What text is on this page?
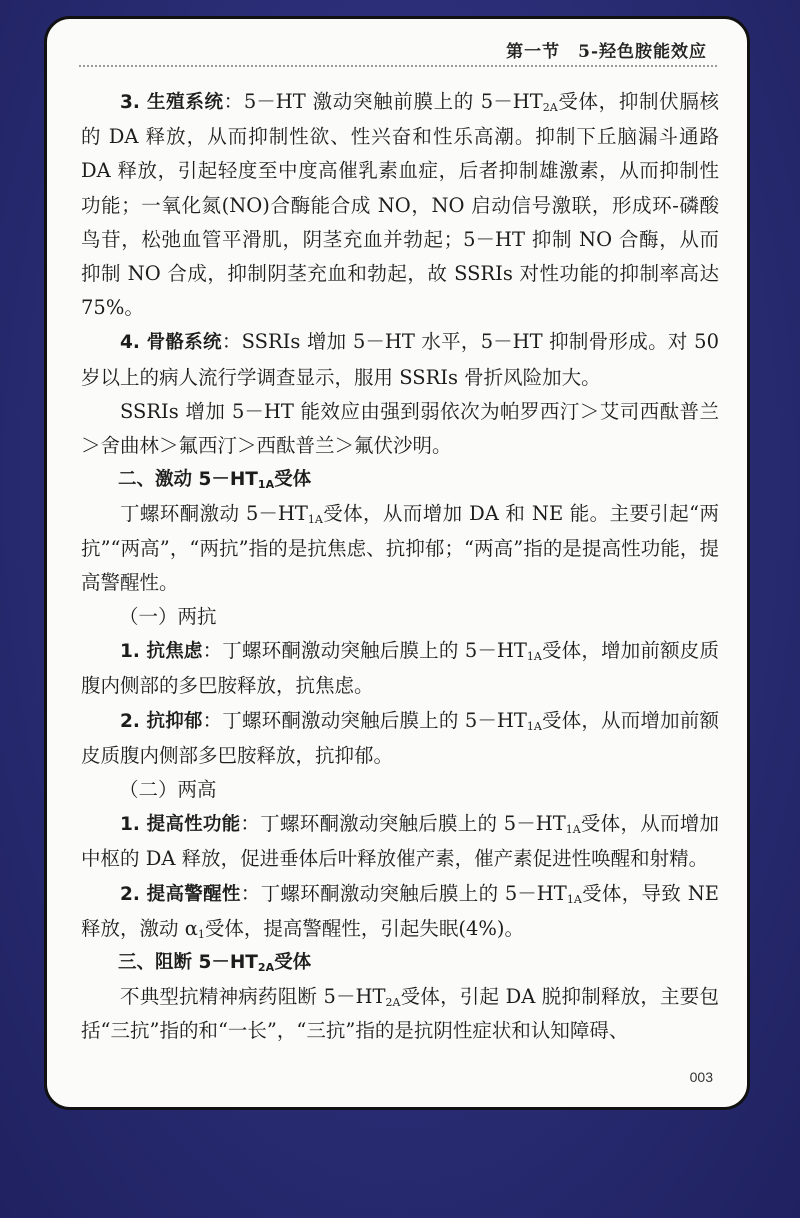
第一节　5-羟色胺能效应

3. 生殖系统：5－HT 激动突触前膜上的 $5-HT_{2A}$受体，抑制伏膈核的 DA 释放，从而抑制性欲、性兴奋和性乐高潮。抑制下丘脑漏斗通路 DA 释放，引起轻度至中度高催乳素血症，后者抑制雄激素，从而抑制性功能；一氧化氮(NO)合酶能合成 NO，NO 启动信号激联，形成环-磷酸鸟苷，松弛血管平滑肌，阴茎充血并勃起；5－HT 抑制 NO 合酶，从而抑制 NO 合成，抑制阴茎充血和勃起，故 SSRIs 对性功能的抑制率高达 75%。

4. 骨骼系统：SSRIs 增加 5－HT 水平，5－HT 抑制骨形成。对 50 岁以上的病人流行学调查显示，服用 SSRIs 骨折风险加大。

SSRIs 增加 5－HT 能效应由强到弱依次为帕罗西汀＞艾司西酞普兰＞舍曲林＞氟西汀＞西酞普兰＞氟伏沙明。

二、激动 $5-HT_{1A}$受体

丁螺环酮激动 $5-HT_{1A}$受体，从而增加 DA 和 NE 能。主要引起“两抗”“两高”，“两抗”指的是抗焦虑、抗抑郁；“两高”指的是提高性功能，提高警醒性。

（一）两抗

1. 抗焦虑：丁螺环酮激动突触后膜上的 $5-HT_{1A}$受体，增加前额皮质腹内侧部的多巴胺释放，抗焦虑。

2. 抗抑郁：丁螺环酮激动突触后膜上的 $5-HT_{1A}$受体，从而增加前额皮质腹内侧部多巴胺释放，抗抑郁。

（二）两高

1. 提高性功能：丁螺环酮激动突触后膜上的 $5-HT_{1A}$受体，从而增加中枢的 DA 释放，促进垂体后叶释放催产素，催产素促进性唤醒和射精。

2. 提高警醒性：丁螺环酮激动突触后膜上的 $5-HT_{1A}$受体，导致 NE 释放，激动 $\alpha_1$受体，提高警醒性，引起失眠(4%)。

三、阻断 $5-HT_{2A}$受体

不典型抗精神病药阻断 $5-HT_{2A}$受体，引起 DA 脱抑制释放，主要包括“三抗”指的和“一长”，“三抗”指的是抗阴性症状和认知障碍、

003
